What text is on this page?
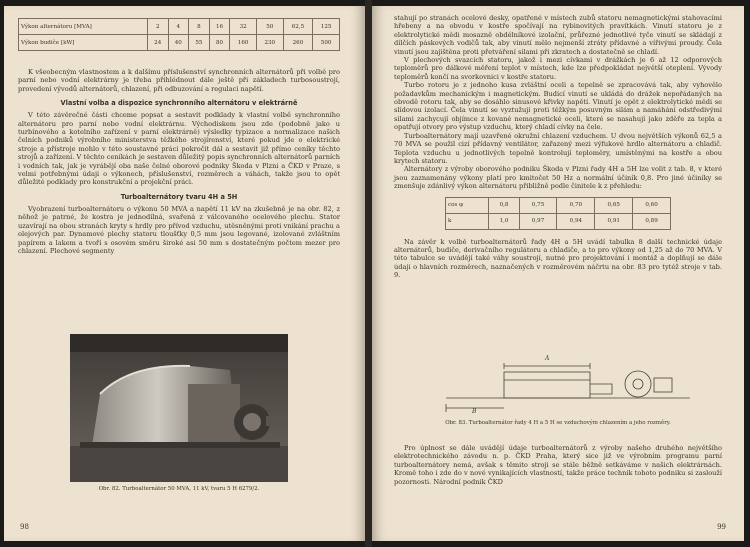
Výkon alternátoru [MVA]	2	4	8	16	32	50	62,5	125
Výkon budiče [kW]	24	40	55	80	160	230	260	500

K všeobecným vlastnostem a k dalšímu příslušenství synchronních alternátorů při volbě pro parní nebo vodní elektrárny je třeba přihlédnout dále ještě při základech turbosoustrojí, provedení vývodů alternátorů, chlazení, při odbuzování a regulaci napětí.

Vlastní volba a dispozice synchronního alternátoru v elektrárně

V této závěrečné části chceme popsat a sestavit podklady k vlastní volbě synchronního alternátoru pro parní nebo vodní elektrárnu. Východiskem jsou zde (podobně jako u turbínového a kotelního zařízení v parní elektrárně) výsledky typizace a normalizace našich čelních podniků výrobního ministerstva těžkého strojírenství, které pokud jde o elektrické stroje a přístroje mohlo v této soustavné práci pokročit dál a sestavit již přímo ceníky těchto strojů a zařízení. V těchto ceníkách je sestaven důležitý popis synchronních alternátorů parních i vodních tak, jak je vyrábějí oba naše čelné oborové podniky Škoda v Plzni a ČKD v Praze, s velmi potřebnými údaji o výkonech, příslušenství, rozměrech a váhách, takže jsou to opět důležité podklady pro konstrukční a projekční práci.

Turboalternátory tvaru 4H a 5H

Vyobrazení turboalternátoru o výkonu 50 MVA a napětí 11 kV na zkušebně je na obr. 82, z něhož je patrné, že kostra je jednodílná, svařená z válcovaného ocelového plechu. Stator uzavírají na obou stranách kryty s hrdly pro přívod vzduchu, utěsněnými proti vnikání prachu a olejových par. Dynamové plechy statoru tloušťky 0,5 mm jsou legované, izolované zvláštním papírem a lakem a tvoří s osovém směru široké asi 50 mm s dostatečným počtem mezer pro chlazení. Plechové segmenty

Obr. 82. Turboalternátor 50 MVA, 11 kV, tvaru 5 H 6279/2.

98

stahují po stranách ocelové desky, opatřené v místech zubů statoru nemagnetickými stahovacími hřebeny a na obvodu v kostře spočívají na rybinovitých pravítkách. Vinutí statoru je z elektrolytické mědi mosazně obdélníkové izolační, průřezné jednotlivé tyče vinutí se skládají z dílčích páskových vodičů tak, aby vinutí mělo nejmenší ztráty přídavné a vířivými proudy. Čela vinutí jsou zajištěna proti přetváření silami při zkratech a dostatečně se chladí.

V plechových svazcích statoru, jakož i mezi cívkami v drážkách je 6 až 12 odporových teploměrů pro dálkové měření teplot v místech, kde lze předpokládat největší oteplení. Vývody teploměrů končí na svorkovnici v kostře statoru.

Turbo rotoru je z jednoho kusa zvláštní oceli a tepelně se zpracovává tak, aby vyhovělo požadavkům mechanickým i magnetickým. Budicí vinutí se ukládá do drážek nepořádaných na obvodě rotoru tak, aby se dosáhlo sinusové křivky napětí. Vinutí je opět z elektrolytické mědi se slídovou izolací. Čela vinutí se vyztužují proti těžkým posuvným silám a namáhání odstředivými silami zachycují objímce z kované nemagnetické oceli, které se nasahují jako zděře za tepla a opatřují otvory pro výstup vzduchu, který chladí cívky na čele.

Turboalternátory mají uzavřené okružní chlazení vzduchem. U dvou největších výkonů 62,5 a 70 MVA se použil cizí přídavný ventilátor, zařazený mezi výfukové hrdlo alternátoru a chladič. Teplota vzduchu u jednotlivých tepelně kontrolují teploměry, umístěnými na kostře a obou krytech statoru.

Alternátory z výroby oborového podniku Škoda v Plzni řady 4H a 5H lze volit z tab. 8, v které jsou zaznamenány výkony platí pro kmitočet 50 Hz a normální účiník 0,8. Pro jiné účiníky se zmenšuje zdánlivý výkon alternátoru přibližně podle činitele k z přehledu:

cos φ	0,8	0,75	0,70	0,65	0,60
k	1,0	0,97	0,94	0,91	0,89

Na závěr k volbě turboalternátorů řady 4H a 5H uvádí tabulka 8 další technické údaje alternátorů, budiče, derivačního regulátoru a chladiče, a to pro výkony od 1,25 až do 70 MVA. V této tabulce se uvádějí také váhy soustrojí, nutné pro projektování i montáž a doplňují se dále údaji o hlavních rozměrech, naznačených v rozměrovém náčrtu na obr. 83 pro tytéž stroje v tab. 9.

A
B

Obr. 83. Turboalternátor řady 4 H a 5 H se vzduchovým chlazením a jeho rozměry.

Pro úplnost se dále uvádějí údaje turboalternátorů z výroby našeho druhého největšího elektrotechnického závodu n. p. ČKD Praha, který sice již ve výrobním programu parní turboalternátory nemá, avšak s těmito stroji se stále běžně setkáváme v našich elektrárnách. Kromě toho i zde do v nové vynikajících vlastností, takže práce technik tohoto podniku si zaslouží pozornosti. Národní podnik ČKD

99
